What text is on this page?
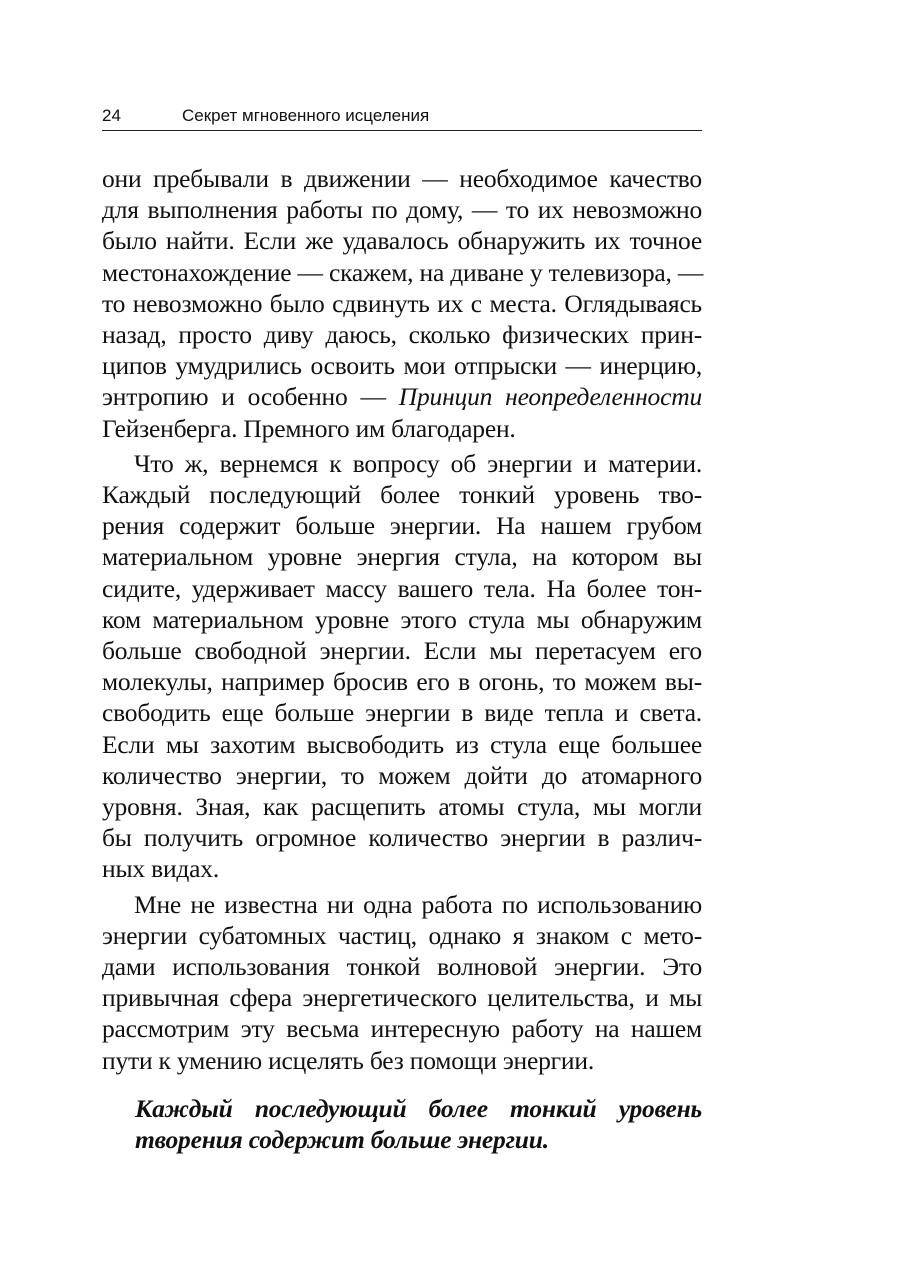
24	Секрет мгновенного исцеления
они пребывали в движении — необходимое качество
для выполнения работы по дому, — то их невозможно
было найти. Если же удавалось обнаружить их точное
местонахождение — скажем, на диване у телевизора, —
то невозможно было сдвинуть их с места. Оглядываясь
назад, просто диву даюсь, сколько физических прин-
ципов умудрились освоить мои отпрыски — инерцию,
энтропию и особенно — Принцип неопределенности
Гейзенберга. Премного им благодарен.
Что ж, вернемся к вопросу об энергии и материи.
Каждый последующий более тонкий уровень тво-
рения содержит больше энергии. На нашем грубом
материальном уровне энергия стула, на котором вы
сидите, удерживает массу вашего тела. На более тон-
ком материальном уровне этого стула мы обнаружим
больше свободной энергии. Если мы перетасуем его
молекулы, например бросив его в огонь, то можем вы-
свободить еще больше энергии в виде тепла и света.
Если мы захотим высвободить из стула еще большее
количество энергии, то можем дойти до атомарного
уровня. Зная, как расщепить атомы стула, мы могли
бы получить огромное количество энергии в различ-
ных видах.
Мне не известна ни одна работа по использованию
энергии субатомных частиц, однако я знаком с мето-
дами использования тонкой волновой энергии. Это
привычная сфера энергетического целительства, и мы
рассмотрим эту весьма интересную работу на нашем
пути к умению исцелять без помощи энергии.
Каждый последующий более тонкий уровень
творения содержит больше энергии.
